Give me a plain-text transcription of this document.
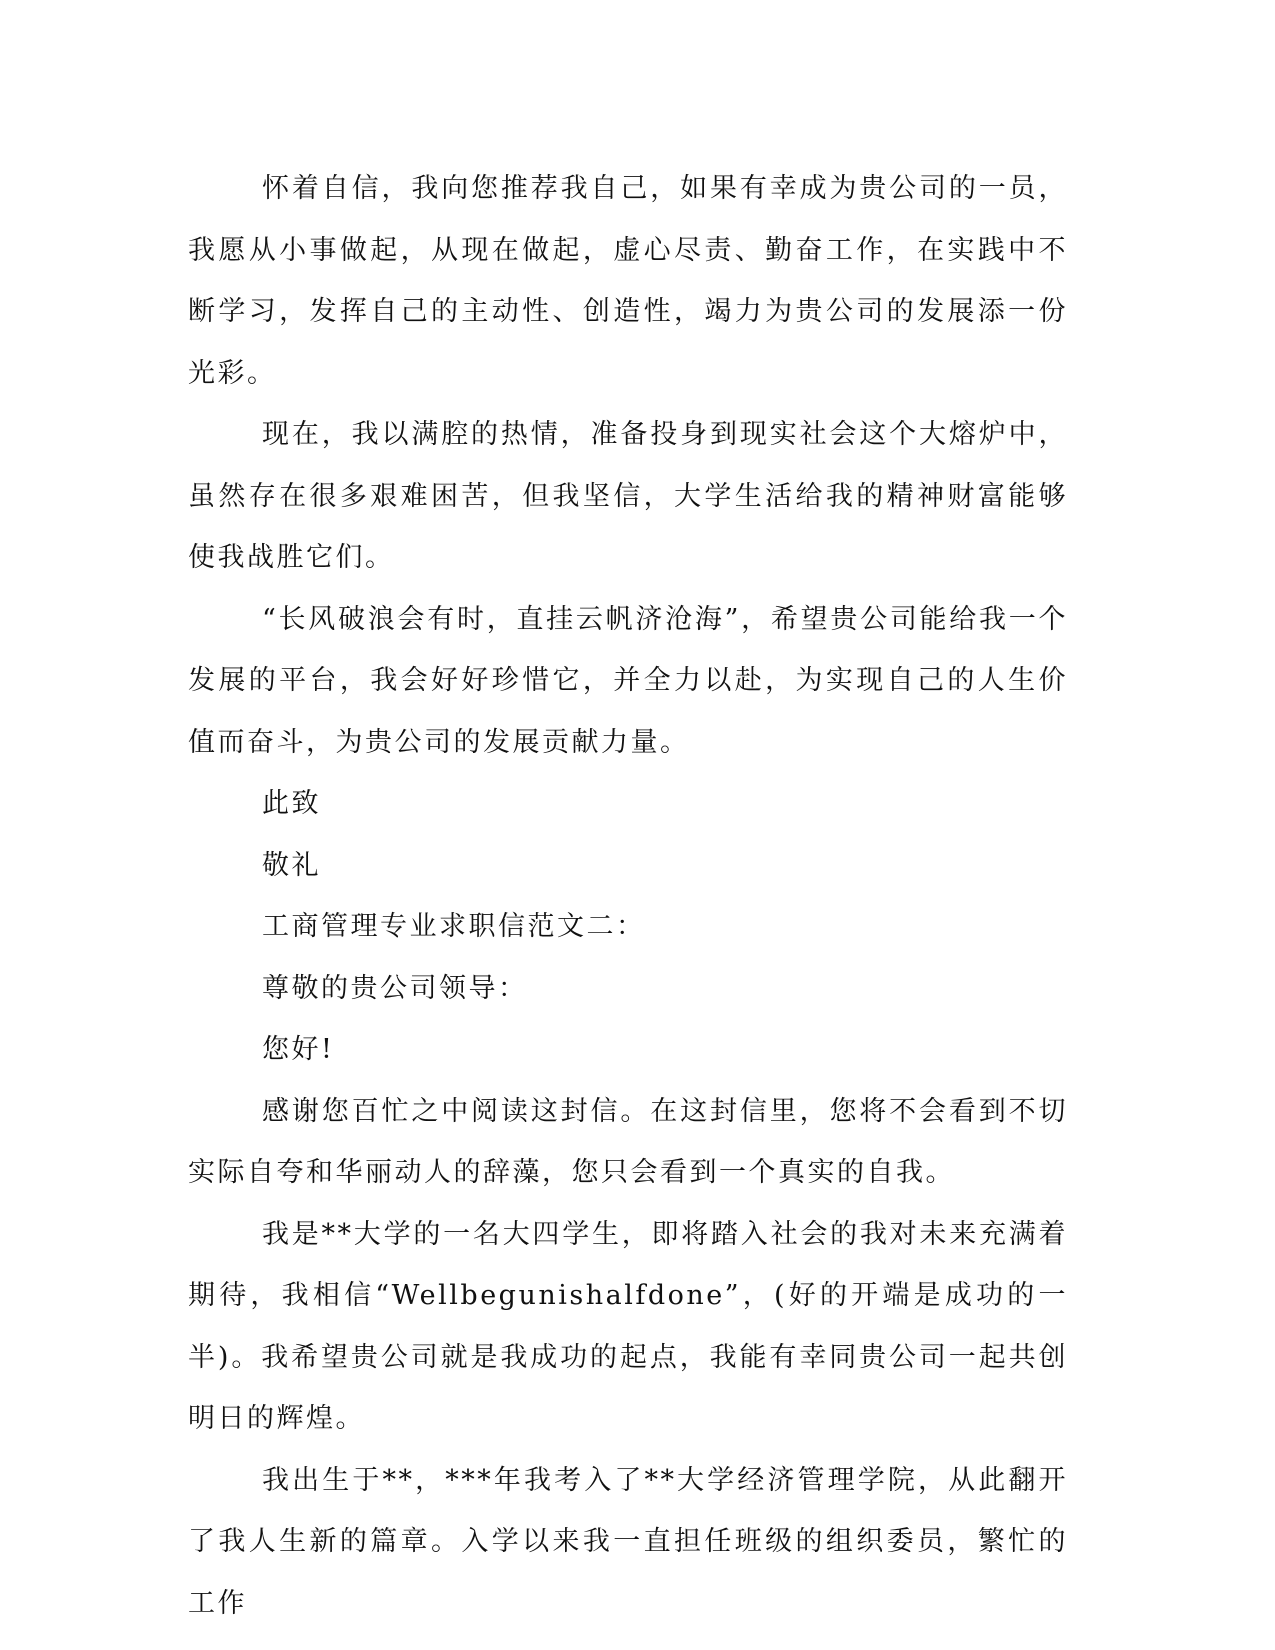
怀着自信，我向您推荐我自己，如果有幸成为贵公司的一员，我愿从小事做起，从现在做起，虚心尽责、勤奋工作，在实践中不断学习，发挥自己的主动性、创造性，竭力为贵公司的发展添一份光彩。

现在，我以满腔的热情，准备投身到现实社会这个大熔炉中，虽然存在很多艰难困苦，但我坚信，大学生活给我的精神财富能够使我战胜它们。

“长风破浪会有时，直挂云帆济沧海”，希望贵公司能给我一个发展的平台，我会好好珍惜它，并全力以赴，为实现自己的人生价值而奋斗，为贵公司的发展贡献力量。

此致

敬礼

工商管理专业求职信范文二：

尊敬的贵公司领导：

您好!

感谢您百忙之中阅读这封信。在这封信里，您将不会看到不切实际自夸和华丽动人的辞藻，您只会看到一个真实的自我。

我是**大学的一名大四学生，即将踏入社会的我对未来充满着期待，我相信“Wellbegunishalfdone”，(好的开端是成功的一半)。我希望贵公司就是我成功的起点，我能有幸同贵公司一起共创明日的辉煌。

我出生于**，***年我考入了**大学经济管理学院，从此翻开了我人生新的篇章。入学以来我一直担任班级的组织委员，繁忙的工作
